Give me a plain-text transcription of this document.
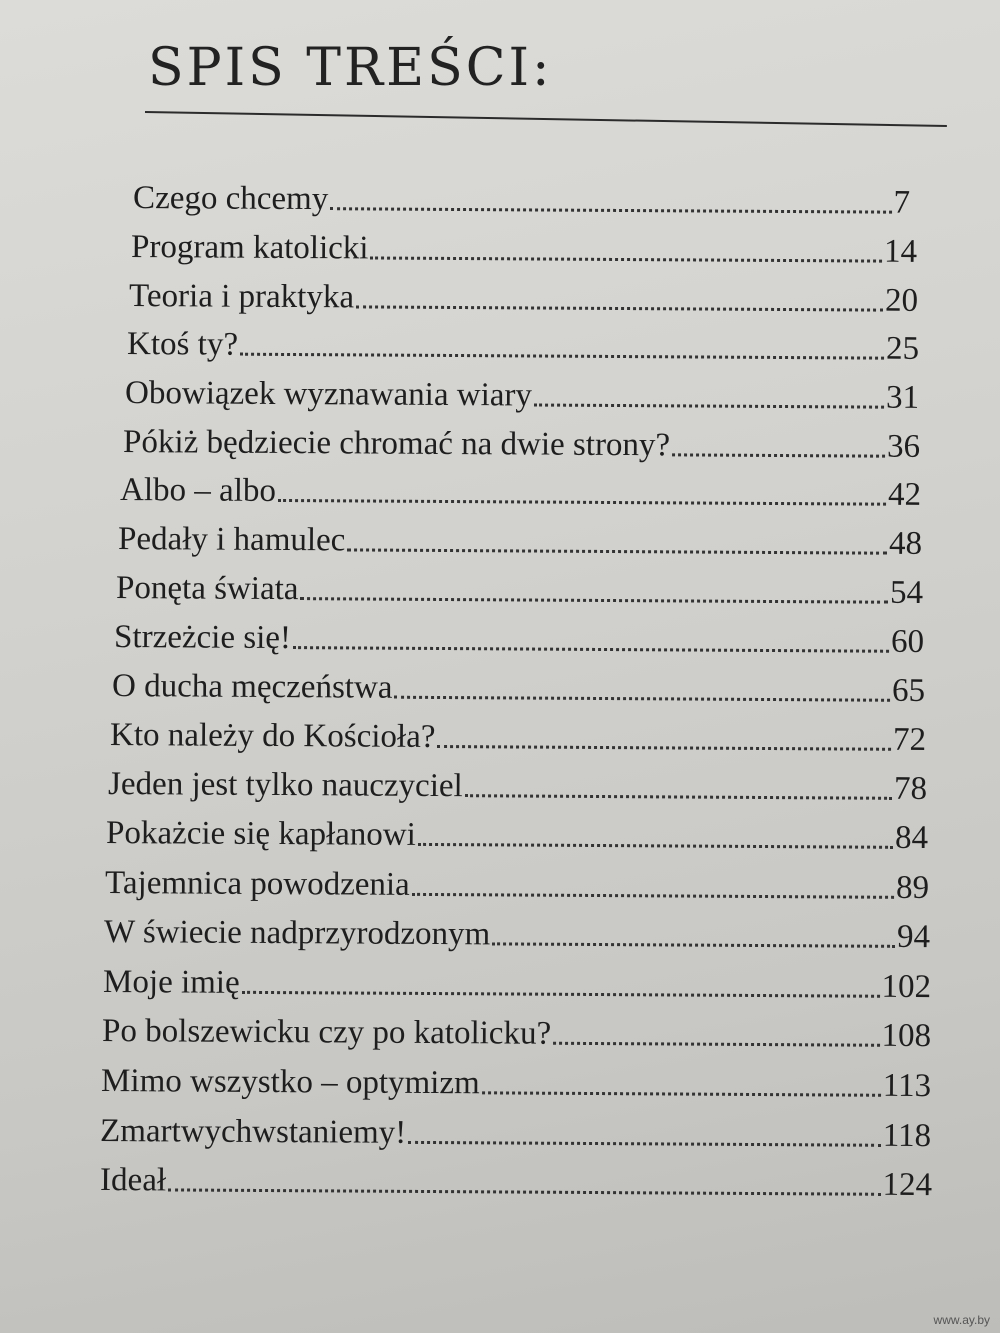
SPIS TREŚCI:
Czego chcemy	7
Program katolicki	14
Teoria i praktyka	20
Ktoś ty?	25
Obowiązek wyznawania wiary	31
Pókiż będziecie chromać na dwie strony?	36
Albo – albo	42
Pedały i hamulec	48
Ponęta świata	54
Strzeżcie się!	60
O ducha męczeństwa	65
Kto należy do Kościoła?	72
Jeden jest tylko nauczyciel	78
Pokażcie się kapłanowi	84
Tajemnica powodzenia	89
W świecie nadprzyrodzonym	94
Moje imię	102
Po bolszewicku czy po katolicku?	108
Mimo wszystko – optymizm	113
Zmartwychwstaniemy!	118
Ideał	124
www.ay.by
